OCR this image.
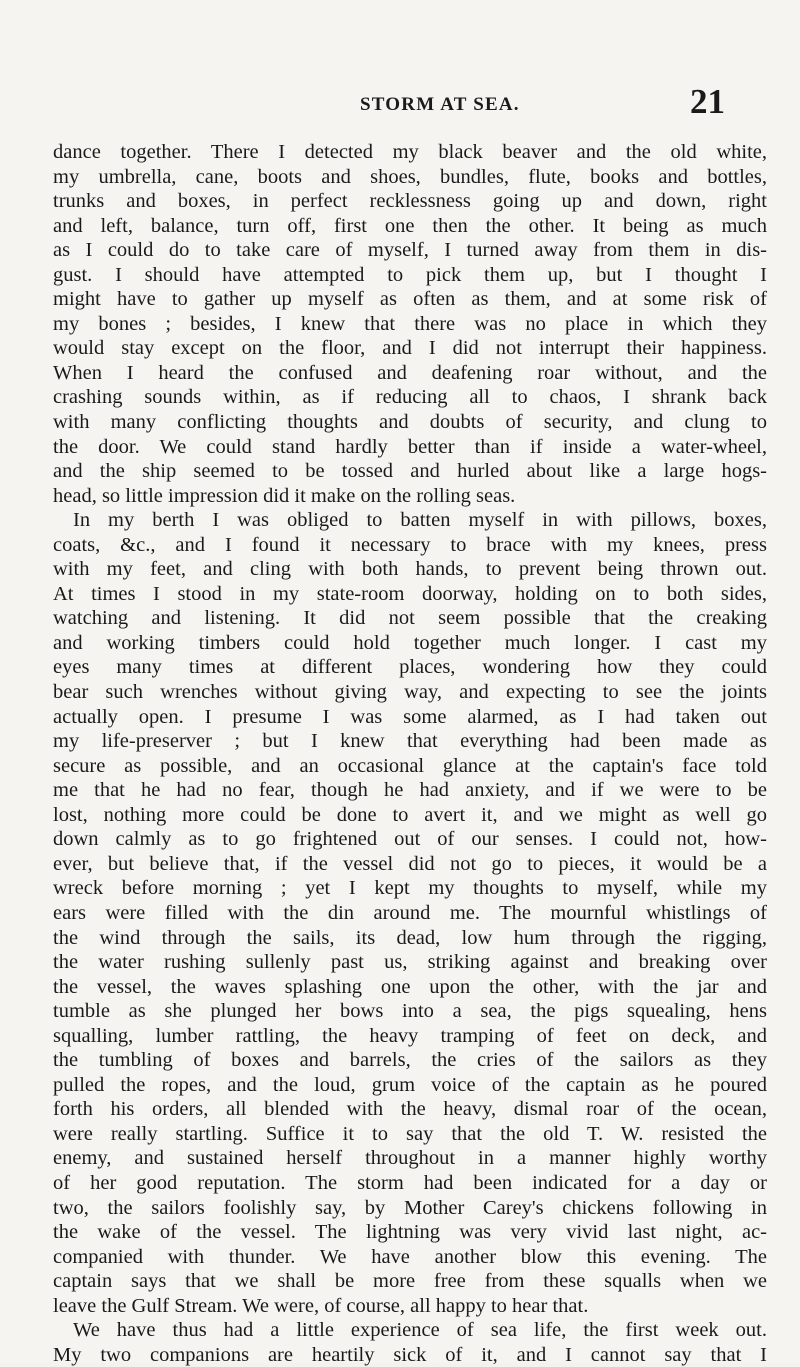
STORM AT SEA.	21
dance together. There I detected my black beaver and the old white,
my umbrella, cane, boots and shoes, bundles, flute, books and bottles,
trunks and boxes, in perfect recklessness going up and down, right
and left, balance, turn off, first one then the other. It being as much
as I could do to take care of myself, I turned away from them in dis-
gust. I should have attempted to pick them up, but I thought I
might have to gather up myself as often as them, and at some risk of
my bones ; besides, I knew that there was no place in which they
would stay except on the floor, and I did not interrupt their happiness.
When I heard the confused and deafening roar without, and the
crashing sounds within, as if reducing all to chaos, I shrank back
with many conflicting thoughts and doubts of security, and clung to
the door. We could stand hardly better than if inside a water-wheel,
and the ship seemed to be tossed and hurled about like a large hogs-
head, so little impression did it make on the rolling seas.
In my berth I was obliged to batten myself in with pillows, boxes,
coats, &c., and I found it necessary to brace with my knees, press
with my feet, and cling with both hands, to prevent being thrown out.
At times I stood in my state-room doorway, holding on to both sides,
watching and listening. It did not seem possible that the creaking
and working timbers could hold together much longer. I cast my
eyes many times at different places, wondering how they could
bear such wrenches without giving way, and expecting to see the joints
actually open. I presume I was some alarmed, as I had taken out
my life-preserver ; but I knew that everything had been made as
secure as possible, and an occasional glance at the captain's face told
me that he had no fear, though he had anxiety, and if we were to be
lost, nothing more could be done to avert it, and we might as well go
down calmly as to go frightened out of our senses. I could not, how-
ever, but believe that, if the vessel did not go to pieces, it would be a
wreck before morning ; yet I kept my thoughts to myself, while my
ears were filled with the din around me. The mournful whistlings of
the wind through the sails, its dead, low hum through the rigging,
the water rushing sullenly past us, striking against and breaking over
the vessel, the waves splashing one upon the other, with the jar and
tumble as she plunged her bows into a sea, the pigs squealing, hens
squalling, lumber rattling, the heavy tramping of feet on deck, and
the tumbling of boxes and barrels, the cries of the sailors as they
pulled the ropes, and the loud, grum voice of the captain as he poured
forth his orders, all blended with the heavy, dismal roar of the ocean,
were really startling. Suffice it to say that the old T. W. resisted the
enemy, and sustained herself throughout in a manner highly worthy
of her good reputation. The storm had been indicated for a day or
two, the sailors foolishly say, by Mother Carey's chickens following in
the wake of the vessel. The lightning was very vivid last night, ac-
companied with thunder. We have another blow this evening. The
captain says that we shall be more free from these squalls when we
leave the Gulf Stream. We were, of course, all happy to hear that.
We have thus had a little experience of sea life, the first week out.
My two companions are heartily sick of it, and I cannot say that I
